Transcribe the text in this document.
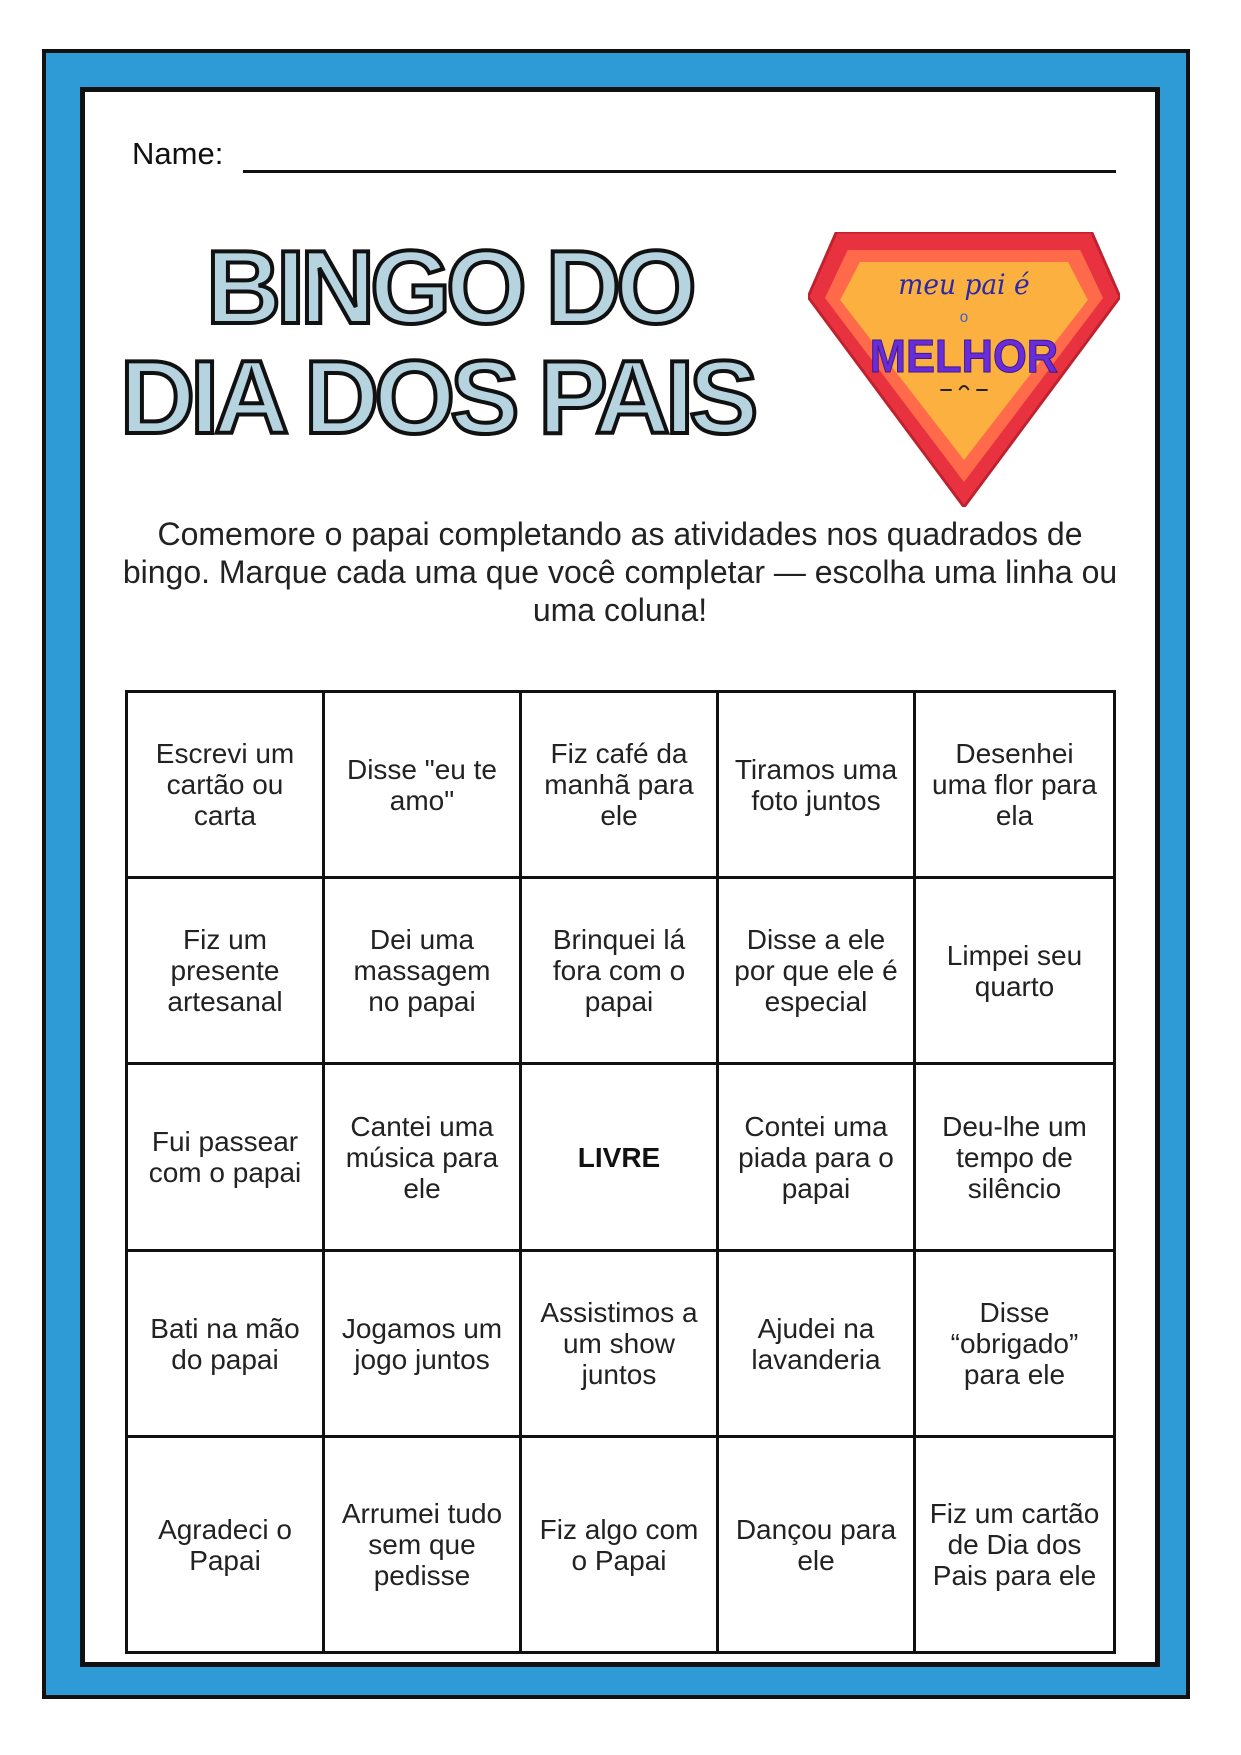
Name:
BINGO DO
DIA DOS PAIS
meu pai é
o
MELHOR
Comemore o papai completando as atividades nos quadrados de bingo. Marque cada uma que você completar — escolha uma linha ou uma coluna!
Escrevi um cartão ou carta
Disse "eu te amo"
Fiz café da manhã para ele
Tiramos uma foto juntos
Desenhei uma flor para ela
Fiz um presente artesanal
Dei uma massagem no papai
Brinquei lá fora com o papai
Disse a ele por que ele é especial
Limpei seu quarto
Fui passear com o papai
Cantei uma música para ele
LIVRE
Contei uma piada para o papai
Deu-lhe um tempo de silêncio
Bati na mão do papai
Jogamos um jogo juntos
Assistimos a um show juntos
Ajudei na lavanderia
Disse “obrigado” para ele
Agradeci o Papai
Arrumei tudo sem que pedisse
Fiz algo com o Papai
Dançou para ele
Fiz um cartão de Dia dos Pais para ele
